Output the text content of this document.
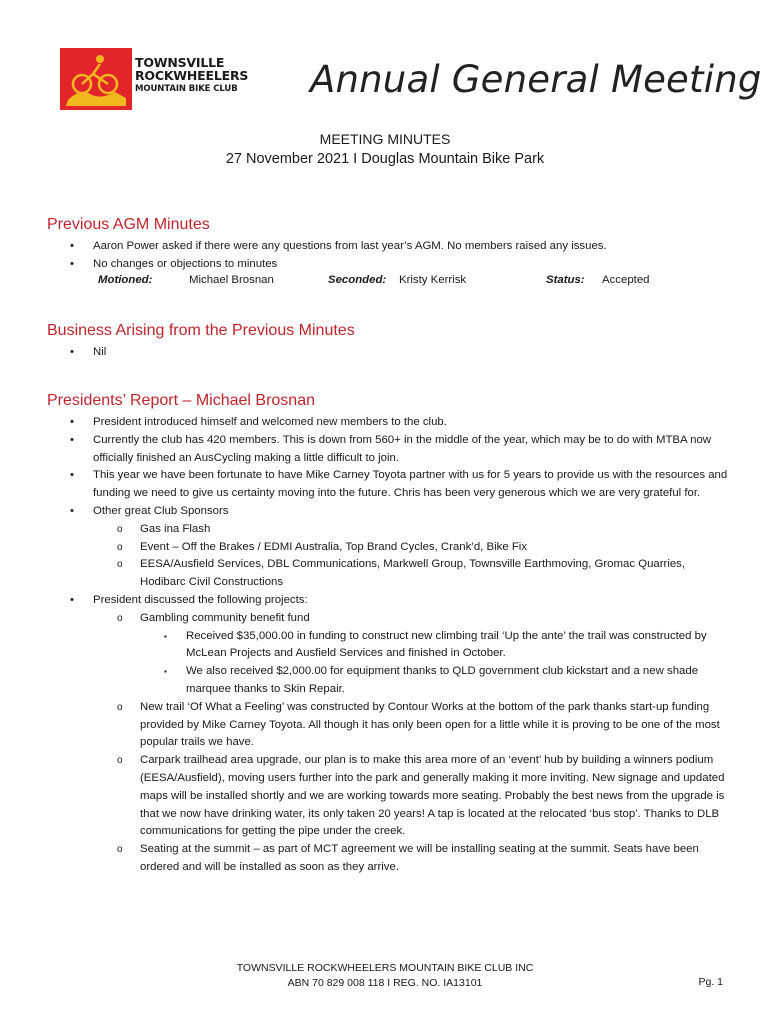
TOWNSVILLE
ROCKWHEELERS
MOUNTAIN BIKE CLUB Annual General Meeting
MEETING MINUTES
27 November 2021 I Douglas Mountain Bike Park
Previous AGM Minutes
• Aaron Power asked if there were any questions from last year’s AGM. No members raised any issues.
• No changes or objections to minutes
Motioned:	Michael Brosnan	Seconded: Kristy Kerrisk	Status: Accepted
Business Arising from the Previous Minutes
• Nil
Presidents’ Report – Michael Brosnan
• President introduced himself and welcomed new members to the club.
• Currently the club has 420 members. This is down from 560+ in the middle of the year, which may be to do with MTBA now officially finished an AusCycling making a little difficult to join.
• This year we have been fortunate to have Mike Carney Toyota partner with us for 5 years to provide us with the resources and funding we need to give us certainty moving into the future. Chris has been very generous which we are very grateful for.
• Other great Club Sponsors
o Gas ina Flash
o Event – Off the Brakes / EDMI Australia, Top Brand Cycles, Crank’d, Bike Fix
o EESA/Ausfield Services, DBL Communications, Markwell Group, Townsville Earthmoving, Gromac Quarries, Hodibarc Civil Constructions
• President discussed the following projects:
o Gambling community benefit fund
▪ Received $35,000.00 in funding to construct new climbing trail ‘Up the ante’ the trail was constructed by McLean Projects and Ausfield Services and finished in October.
▪ We also received $2,000.00 for equipment thanks to QLD government club kickstart and a new shade marquee thanks to Skin Repair.
o New trail ‘Of What a Feeling’ was constructed by Contour Works at the bottom of the park thanks start-up funding provided by Mike Carney Toyota. All though it has only been open for a little while it is proving to be one of the most popular trails we have.
o Carpark trailhead area upgrade, our plan is to make this area more of an ‘event’ hub by building a winners podium (EESA/Ausfield), moving users further into the park and generally making it more inviting. New signage and updated maps will be installed shortly and we are working towards more seating. Probably the best news from the upgrade is that we now have drinking water, its only taken 20 years! A tap is located at the relocated ‘bus stop’. Thanks to DLB communications for getting the pipe under the creek.
o Seating at the summit – as part of MCT agreement we will be installing seating at the summit. Seats have been ordered and will be installed as soon as they arrive.
TOWNSVILLE ROCKWHEELERS MOUNTAIN BIKE CLUB INC
ABN 70 829 008 118 I REG. NO. IA13101	Pg. 1
